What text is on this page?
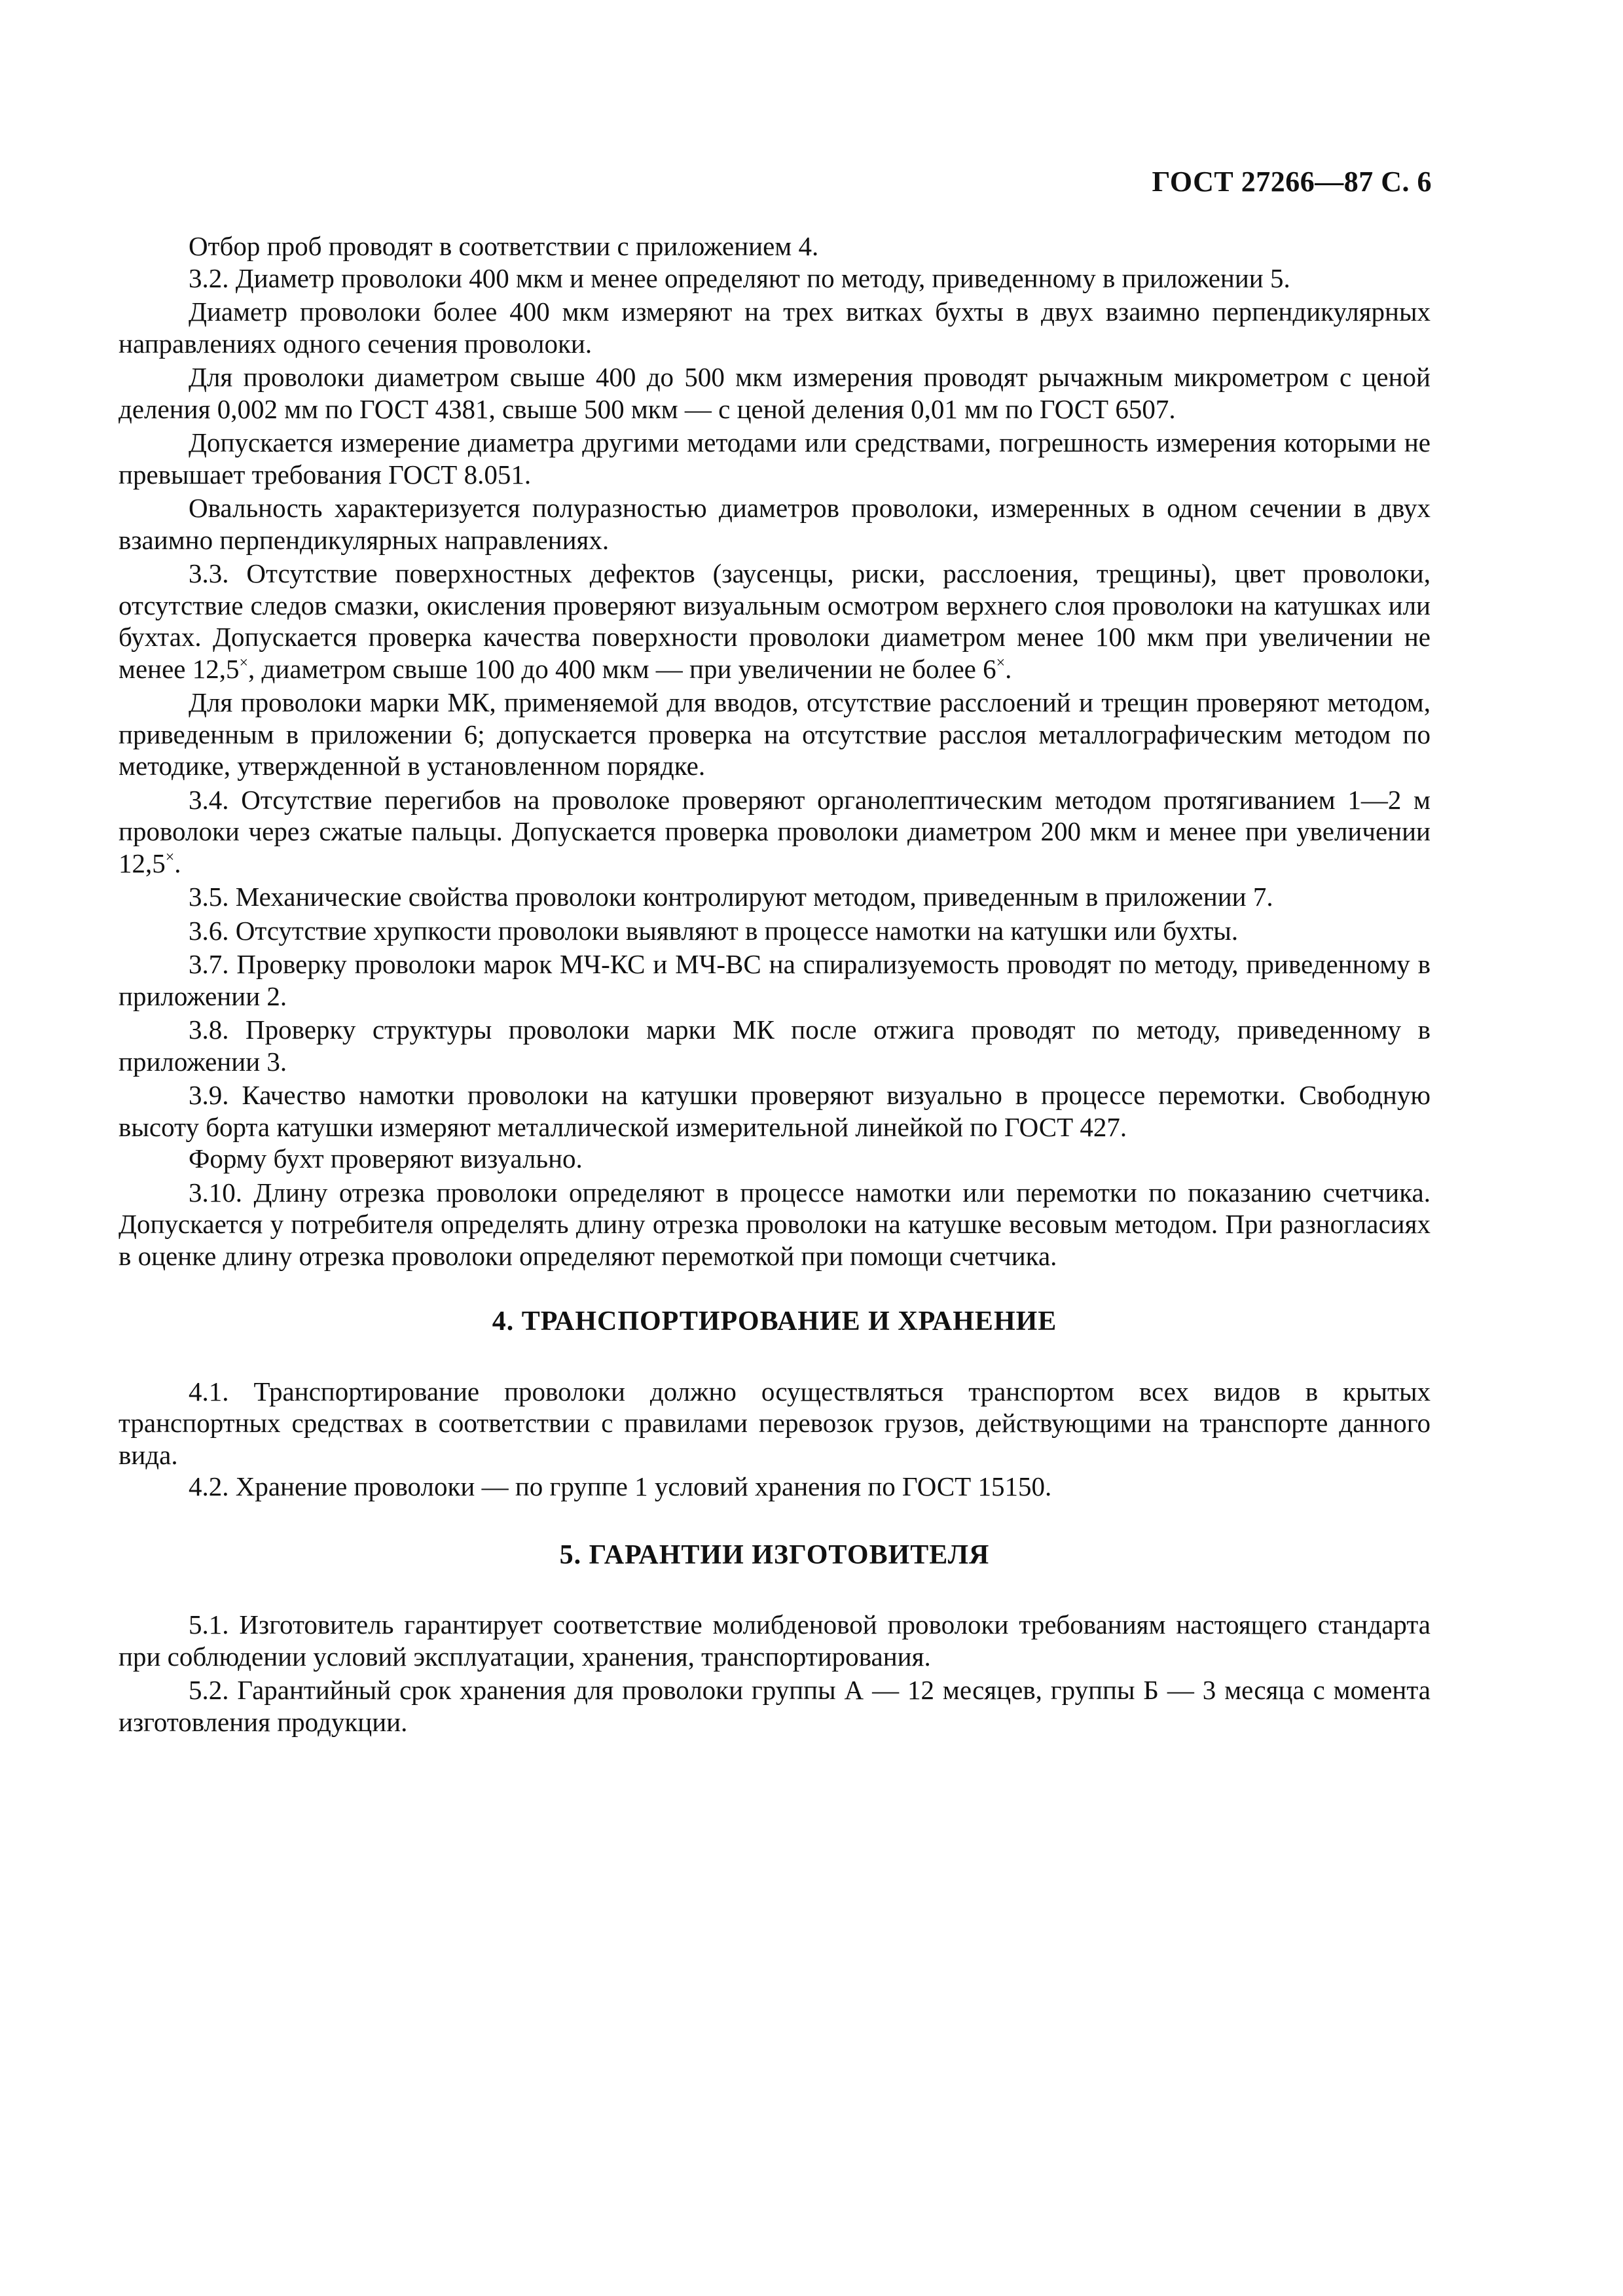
ГОСТ 27266—87 С. 6

Отбор проб проводят в соответствии с приложением 4.

3.2. Диаметр проволоки 400 мкм и менее определяют по методу, приведенному в приложении 5.

Диаметр проволоки более 400 мкм измеряют на трех витках бухты в двух взаимно перпендикулярных направлениях одного сечения проволоки.

Для проволоки диаметром свыше 400 до 500 мкм измерения проводят рычажным микрометром с ценой деления 0,002 мм по ГОСТ 4381, свыше 500 мкм — с ценой деления 0,01 мм по ГОСТ 6507.

Допускается измерение диаметра другими методами или средствами, погрешность измерения которыми не превышает требования ГОСТ 8.051.

Овальность характеризуется полуразностью диаметров проволоки, измеренных в одном сечении в двух взаимно перпендикулярных направлениях.

3.3. Отсутствие поверхностных дефектов (заусенцы, риски, расслоения, трещины), цвет проволоки, отсутствие следов смазки, окисления проверяют визуальным осмотром верхнего слоя проволоки на катушках или бухтах. Допускается проверка качества поверхности проволоки диаметром менее 100 мкм при увеличении не менее 12,5×, диаметром свыше 100 до 400 мкм — при увеличении не более 6×.

Для проволоки марки МК, применяемой для вводов, отсутствие расслоений и трещин проверяют методом, приведенным в приложении 6; допускается проверка на отсутствие расслоя металлографическим методом по методике, утвержденной в установленном порядке.

3.4. Отсутствие перегибов на проволоке проверяют органолептическим методом протягиванием 1—2 м проволоки через сжатые пальцы. Допускается проверка проволоки диаметром 200 мкм и менее при увеличении 12,5×.

3.5. Механические свойства проволоки контролируют методом, приведенным в приложении 7.

3.6. Отсутствие хрупкости проволоки выявляют в процессе намотки на катушки или бухты.

3.7. Проверку проволоки марок МЧ-КС и МЧ-ВС на спирализуемость проводят по методу, приведенному в приложении 2.

3.8. Проверку структуры проволоки марки МК после отжига проводят по методу, приведенному в приложении 3.

3.9. Качество намотки проволоки на катушки проверяют визуально в процессе перемотки. Свободную высоту борта катушки измеряют металлической измерительной линейкой по ГОСТ 427.

Форму бухт проверяют визуально.

3.10. Длину отрезка проволоки определяют в процессе намотки или перемотки по показанию счетчика. Допускается у потребителя определять длину отрезка проволоки на катушке весовым методом. При разногласиях в оценке длину отрезка проволоки определяют перемоткой при помощи счетчика.

4. ТРАНСПОРТИРОВАНИЕ И ХРАНЕНИЕ

4.1. Транспортирование проволоки должно осуществляться транспортом всех видов в крытых транспортных средствах в соответствии с правилами перевозок грузов, действующими на транспорте данного вида.

4.2. Хранение проволоки — по группе 1 условий хранения по ГОСТ 15150.

5. ГАРАНТИИ ИЗГОТОВИТЕЛЯ

5.1. Изготовитель гарантирует соответствие молибденовой проволоки требованиям настоящего стандарта при соблюдении условий эксплуатации, хранения, транспортирования.

5.2. Гарантийный срок хранения для проволоки группы А — 12 месяцев, группы Б — 3 месяца с момента изготовления продукции.
